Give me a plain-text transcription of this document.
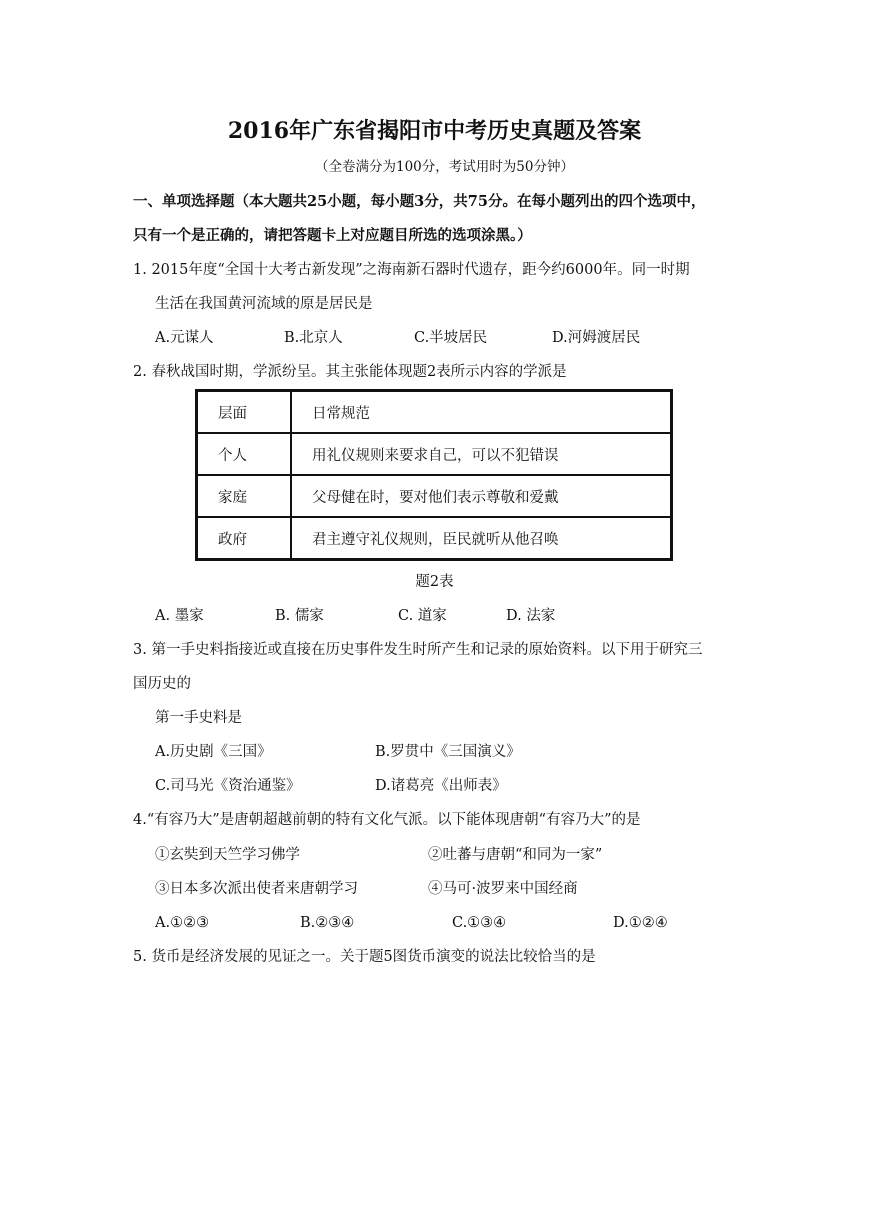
2016年广东省揭阳市中考历史真题及答案
（全卷满分为100分，考试用时为50分钟）
一、单项选择题（本大题共25小题，每小题3分，共75分。在每小题列出的四个选项中，
只有一个是正确的，请把答题卡上对应题目所选的选项涂黑。）
1. 2015年度“全国十大考古新发现”之海南新石器时代遗存，距今约6000年。同一时期
生活在我国黄河流域的原是居民是
A.元谋人	B.北京人	C.半坡居民	D.河姆渡居民
2. 春秋战国时期，学派纷呈。其主张能体现题2表所示内容的学派是
层面	日常规范
个人	用礼仪规则来要求自己，可以不犯错误
家庭	父母健在时，要对他们表示尊敬和爱戴
政府	君主遵守礼仪规则，臣民就听从他召唤
题2表
A. 墨家	B. 儒家	C. 道家	D. 法家
3. 第一手史料指接近或直接在历史事件发生时所产生和记录的原始资料。以下用于研究三
国历史的
第一手史料是
A.历史剧《三国》	B.罗贯中《三国演义》
C.司马光《资治通鉴》	D.诸葛亮《出师表》
4.“有容乃大”是唐朝超越前朝的特有文化气派。以下能体现唐朝“有容乃大”的是
①玄奘到天竺学习佛学	②吐蕃与唐朝“和同为一家”
③日本多次派出使者来唐朝学习	④马可·波罗来中国经商
A.①②③	B.②③④	C.①③④	D.①②④
5. 货币是经济发展的见证之一。关于题5图货币演变的说法比较恰当的是
